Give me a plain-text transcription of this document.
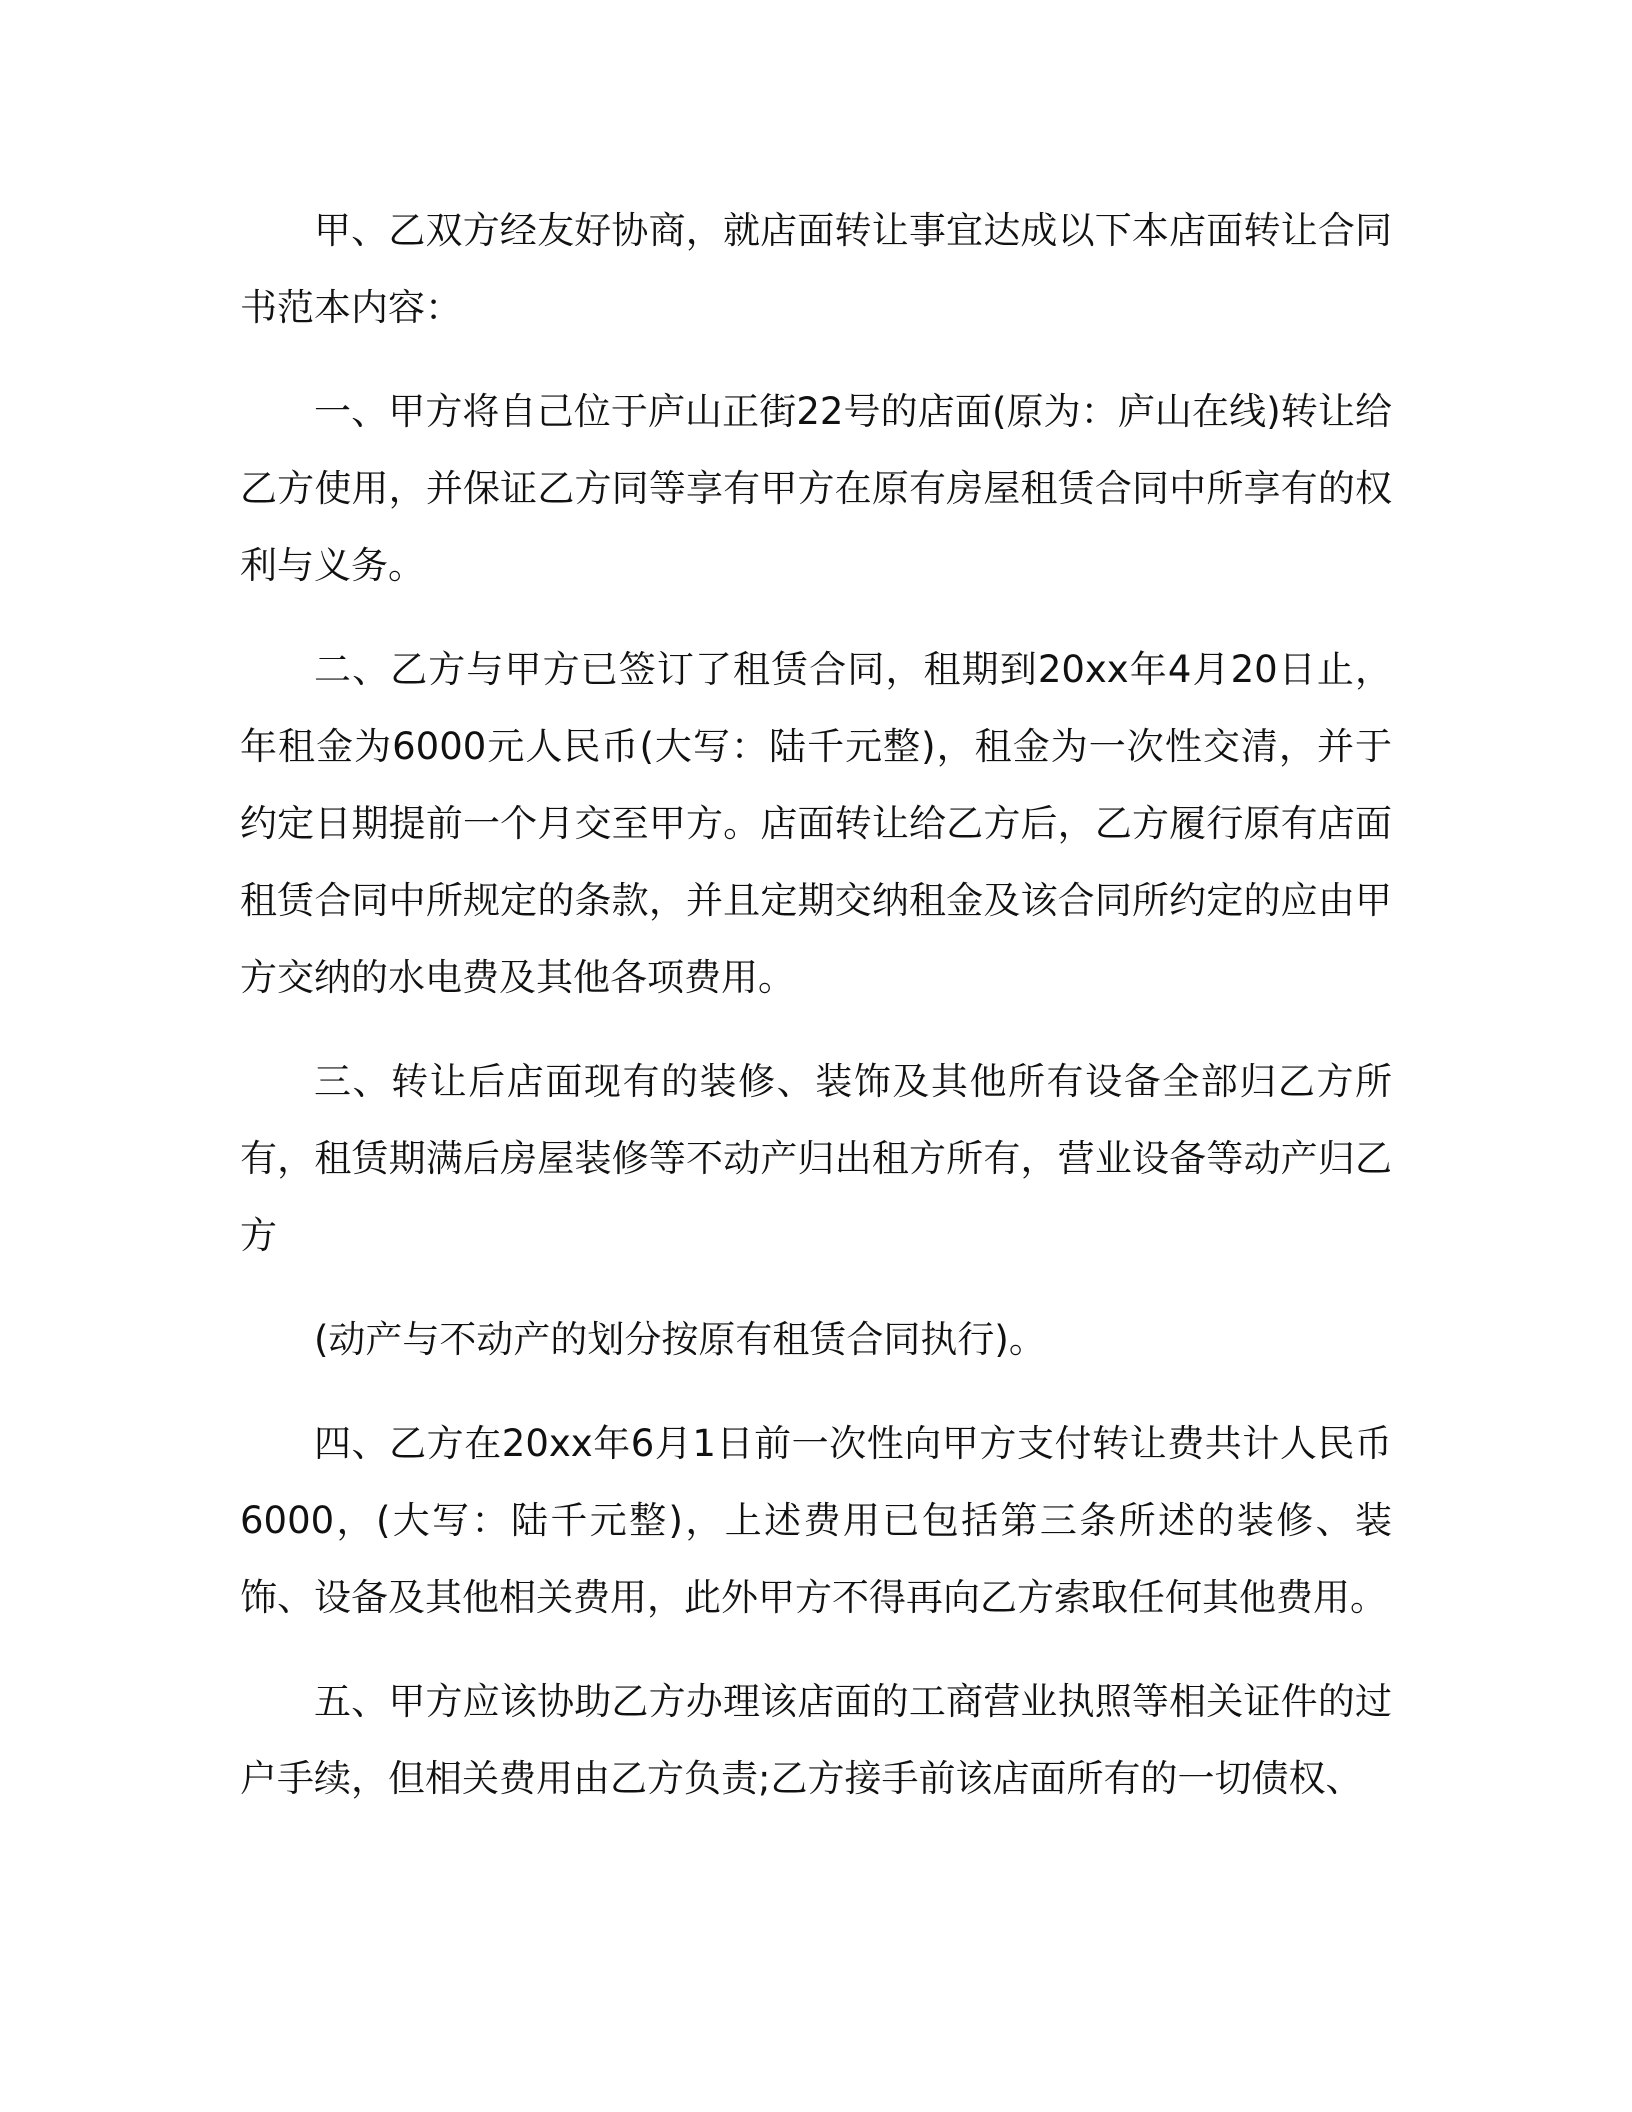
甲、乙双方经友好协商，就店面转让事宜达成以下本店面转让合同书范本内容：

一、甲方将自己位于庐山正街22号的店面(原为：庐山在线)转让给乙方使用，并保证乙方同等享有甲方在原有房屋租赁合同中所享有的权利与义务。

二、乙方与甲方已签订了租赁合同，租期到20xx年4月20日止，年租金为6000元人民币(大写：陆千元整)，租金为一次性交清，并于约定日期提前一个月交至甲方。店面转让给乙方后，乙方履行原有店面租赁合同中所规定的条款，并且定期交纳租金及该合同所约定的应由甲方交纳的水电费及其他各项费用。

三、转让后店面现有的装修、装饰及其他所有设备全部归乙方所有，租赁期满后房屋装修等不动产归出租方所有，营业设备等动产归乙方

(动产与不动产的划分按原有租赁合同执行)。

四、乙方在20xx年6月1日前一次性向甲方支付转让费共计人民币6000，(大写：陆千元整)，上述费用已包括第三条所述的装修、装饰、设备及其他相关费用，此外甲方不得再向乙方索取任何其他费用。

五、甲方应该协助乙方办理该店面的工商营业执照等相关证件的过户手续，但相关费用由乙方负责;乙方接手前该店面所有的一切债权、
